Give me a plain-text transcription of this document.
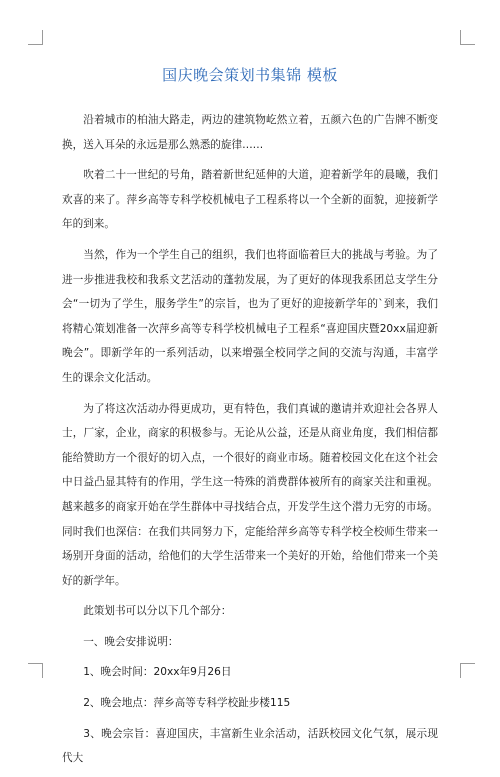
国庆晚会策划书集锦 模板

沿着城市的柏油大路走，两边的建筑物屹然立着，五颜六色的广告牌不断变换，送入耳朵的永远是那么熟悉的旋律……

吹着二十一世纪的号角，踏着新世纪延伸的大道，迎着新学年的晨曦，我们欢喜的来了。萍乡高等专科学校机械电子工程系将以一个全新的面貌，迎接新学年的到来。

当然，作为一个学生自己的组织，我们也将面临着巨大的挑战与考验。为了进一步推进我校和我系文艺活动的蓬勃发展，为了更好的体现我系团总支学生分会“一切为了学生，服务学生”的宗旨，也为了更好的迎接新学年的`到来，我们将精心策划准备一次萍乡高等专科学校机械电子工程系“喜迎国庆暨20xx届迎新晚会”。即新学年的一系列活动，以来增强全校同学之间的交流与沟通，丰富学生的课余文化活动。

为了将这次活动办得更成功，更有特色，我们真诚的邀请并欢迎社会各界人士，厂家，企业，商家的积极参与。无论从公益，还是从商业角度，我们相信都能给赞助方一个很好的切入点，一个很好的商业市场。随着校园文化在这个社会中日益凸显其特有的作用，学生这一特殊的消费群体被所有的商家关注和重视。越来越多的商家开始在学生群体中寻找结合点，开发学生这个潜力无穷的市场。同时我们也深信：在我们共同努力下，定能给萍乡高等专科学校全校师生带来一场别开身面的活动，给他们的大学生活带来一个美好的开始，给他们带来一个美好的新学年。

此策划书可以分以下几个部分：

一、晚会安排说明：

1、晚会时间：20xx年9月26日

2、晚会地点：萍乡高等专科学校趾步楼115

3、晚会宗旨：喜迎国庆，丰富新生业余活动，活跃校园文化气氛，展示现代大
